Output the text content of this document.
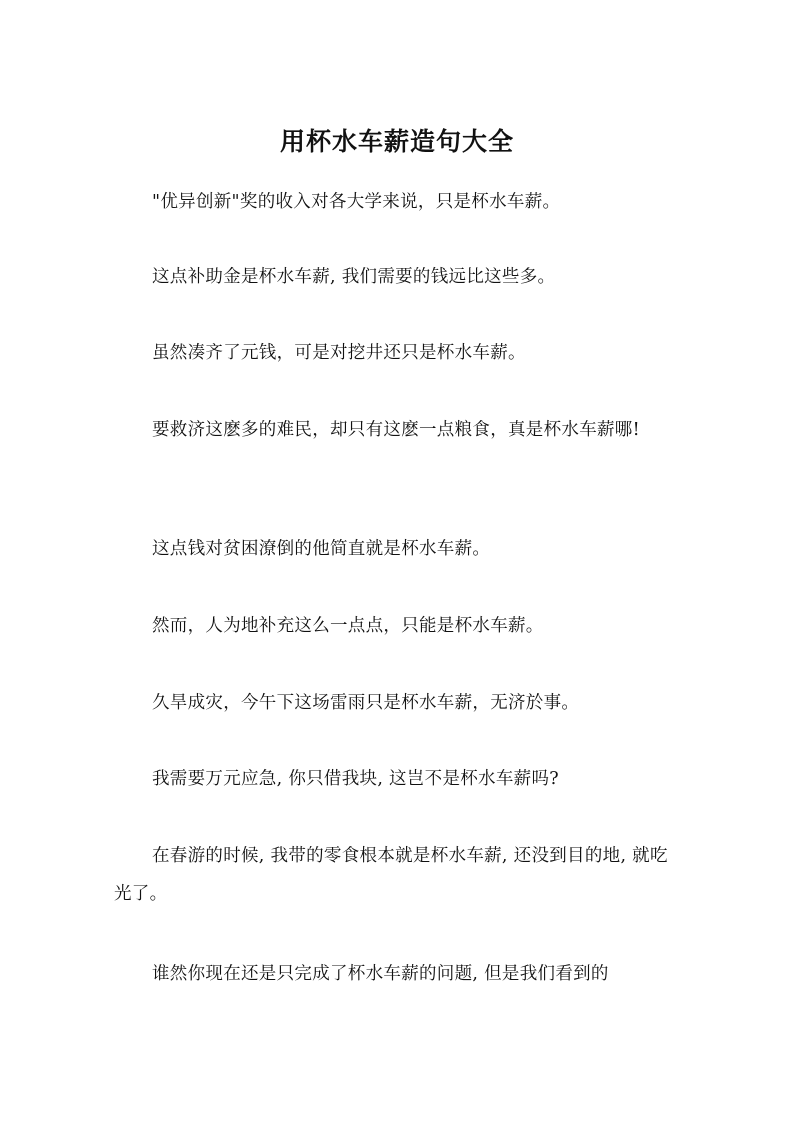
用杯水车薪造句大全

"优异创新"奖的收入对各大学来说，只是杯水车薪。

这点补助金是杯水车薪, 我们需要的钱远比这些多。

虽然凑齐了元钱，可是对挖井还只是杯水车薪。

要救济这麽多的难民，却只有这麽一点粮食，真是杯水车薪哪!

这点钱对贫困潦倒的他简直就是杯水车薪。

然而，人为地补充这么一点点，只能是杯水车薪。

久旱成灾，今午下这场雷雨只是杯水车薪，无济於事。

我需要万元应急, 你只借我块, 这岂不是杯水车薪吗?

在春游的时候, 我带的零食根本就是杯水车薪, 还没到目的地, 就吃光了。

谁然你现在还是只完成了杯水车薪的问题, 但是我们看到的
